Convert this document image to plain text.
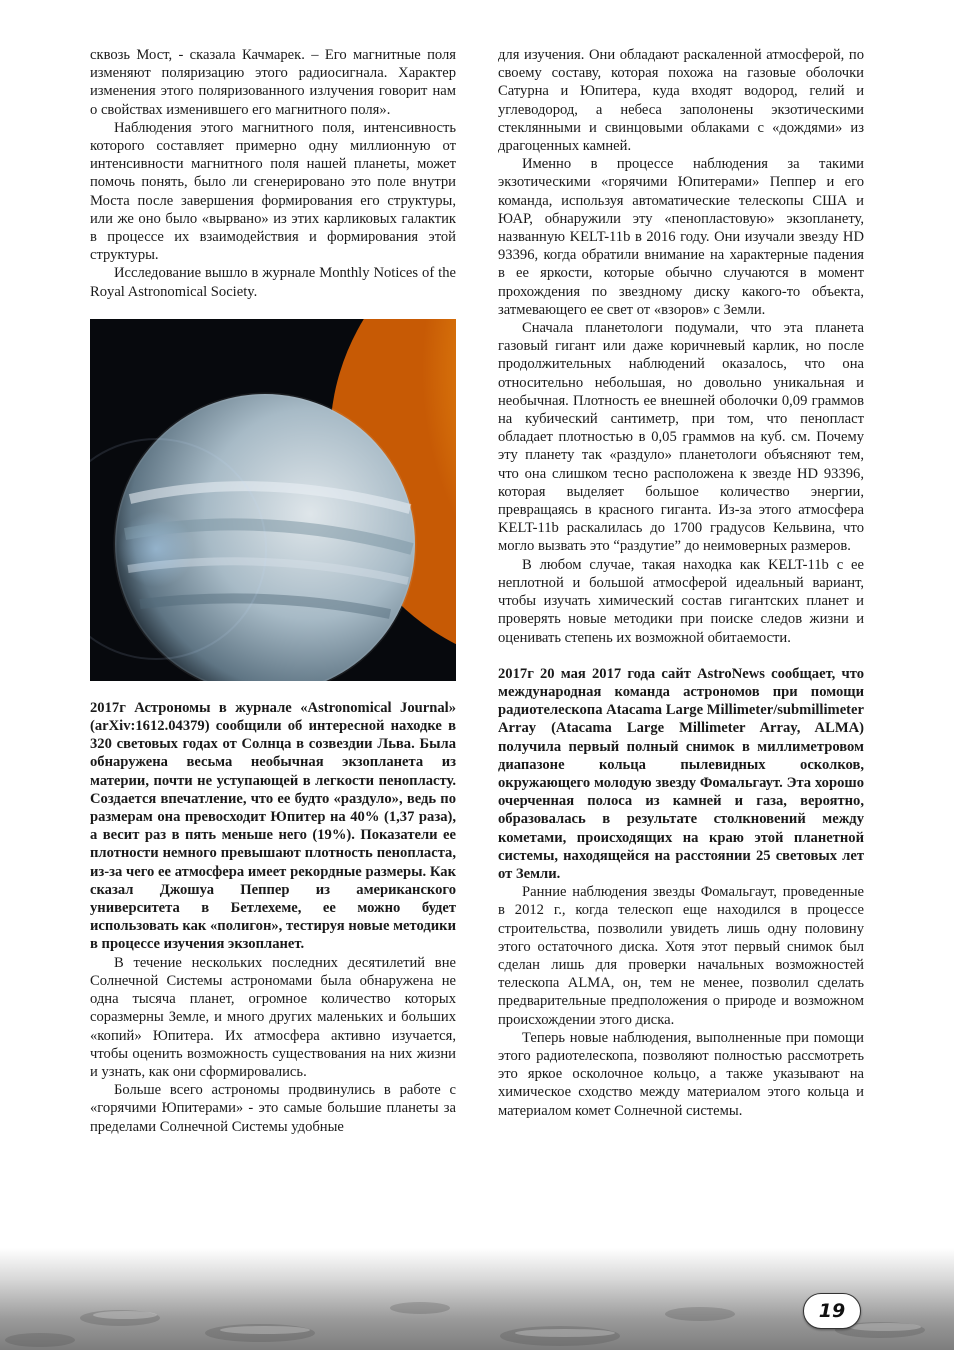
сквозь Мост, - сказала Качмарек. – Его магнитные поля изменяют поляризацию этого радиосигнала. Характер изменения этого поляризованного излучения говорит нам о свойствах изменившего его магнитного поля».

Наблюдения этого магнитного поля, интенсивность которого составляет примерно одну миллионную от интенсивности магнитного поля нашей планеты, может помочь понять, было ли сгенерировано это поле внутри Моста после завершения формирования его структуры, или же оно было «вырвано» из этих карликовых галактик в процессе их взаимодействия и формирования этой структуры.

Исследование вышло в журнале Monthly Notices of the Royal Astronomical Society.

2017г Астрономы в журнале «Astronomical Journal» (arXiv:1612.04379) сообщили об интересной находке в 320 световых годах от Солнца в созвездии Льва. Была обнаружена весьма необычная экзопланета из материи, почти не уступающей в легкости пенопласту. Создается впечатление, что ее будто «раздуло», ведь по размерам она превосходит Юпитер на 40% (1,37 раза), а весит раз в пять меньше него (19%). Показатели ее плотности немного превышают плотность пенопласта, из-за чего ее атмосфера имеет рекордные размеры. Как сказал Джошуа Пеппер из американского университета в Бетлехеме, ее можно будет использовать как «полигон», тестируя новые методики в процессе изучения экзопланет.

В течение нескольких последних десятилетий вне Солнечной Системы астрономами была обнаружена не одна тысяча планет, огромное количество которых соразмерны Земле, и много других маленьких и больших «копий» Юпитера. Их атмосфера активно изучается, чтобы оценить возможность существования на них жизни и узнать, как они сформировались.

Больше всего астрономы продвинулись в работе с «горячими Юпитерами» - это самые большие планеты за пределами Солнечной Системы удобные

для изучения. Они обладают раскаленной атмосферой, по своему составу, которая похожа на газовые оболочки Сатурна и Юпитера, куда входят водород, гелий и углеводород, а небеса заполонены экзотическими стеклянными и свинцовыми облаками с «дождями» из драгоценных камней.

Именно в процессе наблюдения за такими экзотическими «горячими Юпитерами» Пеппер и его команда, используя автоматические телескопы США и ЮАР, обнаружили эту «пенопластовую» экзопланету, названную KELT-11b в 2016 году. Они изучали звезду HD 93396, когда обратили внимание на характерные падения в ее яркости, которые обычно случаются в момент прохождения по звездному диску какого-то объекта, затмевающего ее свет от «взоров» с Земли.

Сначала планетологи подумали, что эта планета газовый гигант или даже коричневый карлик, но после продолжительных наблюдений оказалось, что она относительно небольшая, но довольно уникальная и необычная. Плотность ее внешней оболочки 0,09 граммов на кубический сантиметр, при том, что пенопласт обладает плотностью в 0,05 граммов на куб. см. Почему эту планету так «раздуло» планетологи объясняют тем, что она слишком тесно расположена к звезде HD 93396, которая выделяет большое количество энергии, превращаясь в красного гиганта. Из-за этого атмосфера KELT-11b раскалилась до 1700 градусов Кельвина, что могло вызвать это “раздутие” до неимоверных размеров.

В любом случае, такая находка как KELT-11b с ее неплотной и большой атмосферой идеальный вариант, чтобы изучать химический состав гигантских планет и проверять новые методики при поиске следов жизни и оценивать степень их возможной обитаемости.

2017г 20 мая 2017 года сайт AstroNews сообщает, что международная команда астрономов при помощи радиотелескопа Atacama Large Millimeter/submillimeter Array (Atacama Large Millimeter Array, ALMA) получила первый полный снимок в миллиметровом диапазоне кольца пылевидных осколков, окружающего молодую звезду Фомальгаут. Эта хорошо очерченная полоса из камней и газа, вероятно, образовалась в результате столкновений между кометами, происходящих на краю этой планетной системы, находящейся на расстоянии 25 световых лет от Земли.

Ранние наблюдения звезды Фомальгаут, проведенные в 2012 г., когда телескоп еще находился в процессе строительства, позволили увидеть лишь одну половину этого остаточного диска. Хотя этот первый снимок был сделан лишь для проверки начальных возможностей телескопа ALMA, он, тем не менее, позволил сделать предварительные предположения о природе и возможном происхождении этого диска.

Теперь новые наблюдения, выполненные при помощи этого радиотелескопа, позволяют полностью рассмотреть это яркое осколочное кольцо, а также указывают на химическое сходство между материалом этого кольца и материалом комет Солнечной системы.

19
